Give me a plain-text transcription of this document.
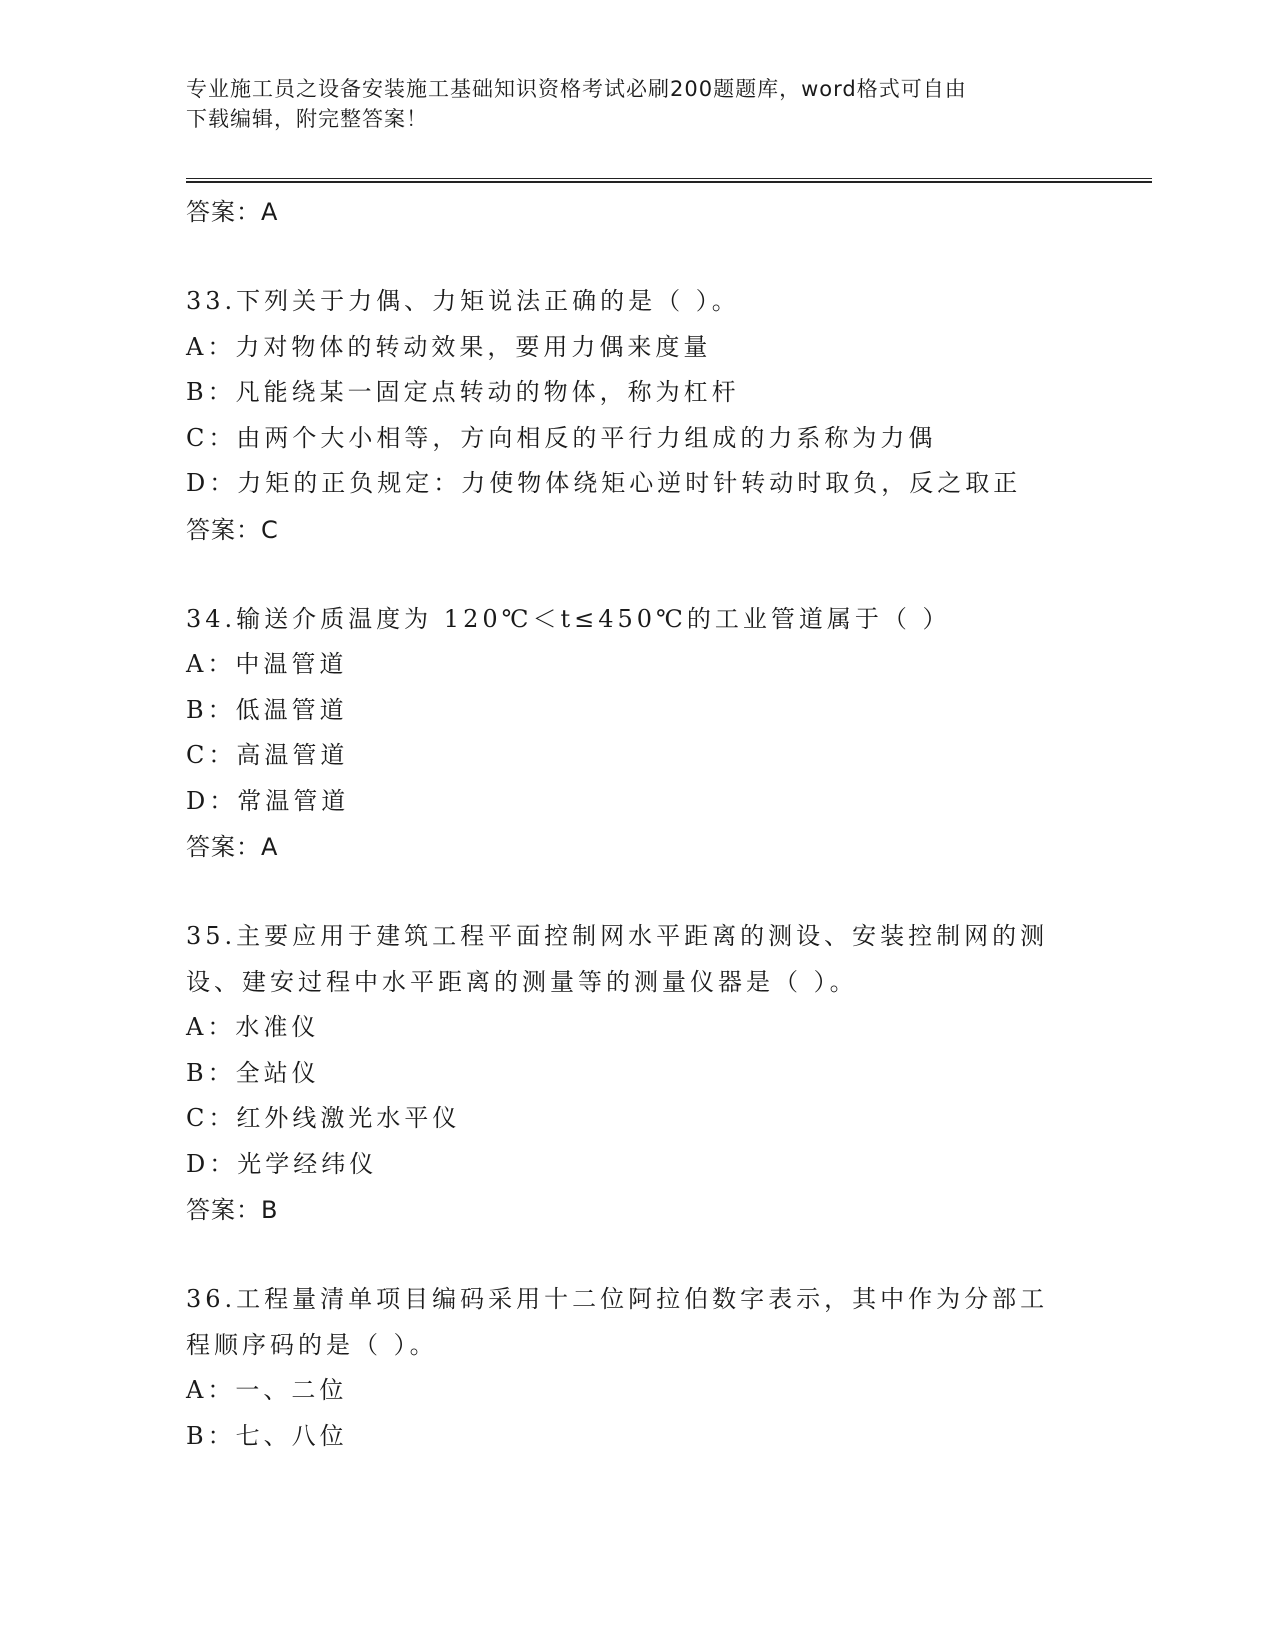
专业施工员之设备安装施工基础知识资格考试必刷200题题库，word格式可自由
下载编辑，附完整答案！
答案：A
33.下列关于力偶、力矩说法正确的是（ ）。
A：力对物体的转动效果，要用力偶来度量
B：凡能绕某一固定点转动的物体，称为杠杆
C：由两个大小相等，方向相反的平行力组成的力系称为力偶
D：力矩的正负规定：力使物体绕矩心逆时针转动时取负，反之取正
答案：C
34.输送介质温度为 120℃＜t≤450℃的工业管道属于（ ）
A：中温管道
B：低温管道
C：高温管道
D：常温管道
答案：A
35.主要应用于建筑工程平面控制网水平距离的测设、安装控制网的测
设、建安过程中水平距离的测量等的测量仪器是（ ）。
A：水准仪
B：全站仪
C：红外线激光水平仪
D：光学经纬仪
答案：B
36.工程量清单项目编码采用十二位阿拉伯数字表示，其中作为分部工
程顺序码的是（ ）。
A：一、二位
B：七、八位
